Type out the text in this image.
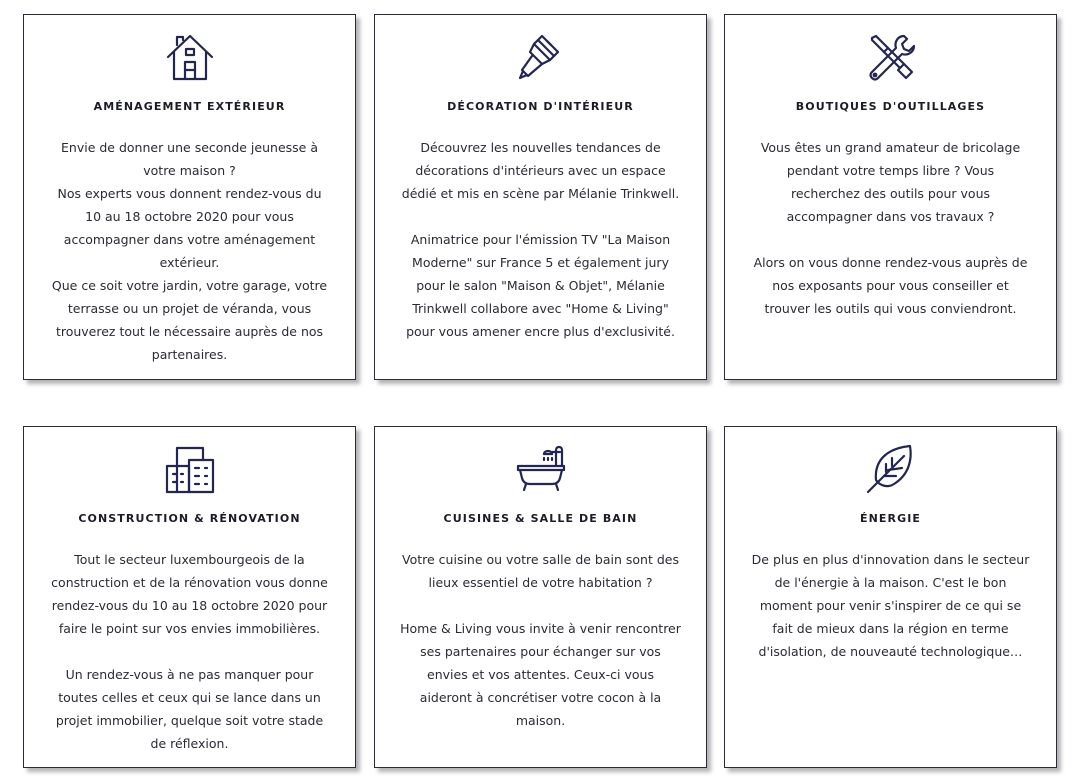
AMÉNAGEMENT EXTÉRIEUR

Envie de donner une seconde jeunesse à

votre maison ?

Nos experts vous donnent rendez-vous du

10 au 18 octobre 2020 pour vous

accompagner dans votre aménagement

extérieur.

Que ce soit votre jardin, votre garage, votre

terrasse ou un projet de véranda, vous

trouverez tout le nécessaire auprès de nos

partenaires.

DÉCORATION D'INTÉRIEUR

Découvrez les nouvelles tendances de

décorations d'intérieurs avec un espace

dédié et mis en scène par Mélanie Trinkwell.

Animatrice pour l'émission TV "La Maison

Moderne" sur France 5 et également jury

pour le salon "Maison & Objet", Mélanie

Trinkwell collabore avec "Home & Living"

pour vous amener encre plus d'exclusivité.

BOUTIQUES D'OUTILLAGES

Vous êtes un grand amateur de bricolage

pendant votre temps libre ? Vous

recherchez des outils pour vous

accompagner dans vos travaux ?

Alors on vous donne rendez-vous auprès de

nos exposants pour vous conseiller et

trouver les outils qui vous conviendront.

CONSTRUCTION & RÉNOVATION

Tout le secteur luxembourgeois de la

construction et de la rénovation vous donne

rendez-vous du 10 au 18 octobre 2020 pour

faire le point sur vos envies immobilières.

Un rendez-vous à ne pas manquer pour

toutes celles et ceux qui se lance dans un

projet immobilier, quelque soit votre stade

de réflexion.

CUISINES & SALLE DE BAIN

Votre cuisine ou votre salle de bain sont des

lieux essentiel de votre habitation ?

Home & Living vous invite à venir rencontrer

ses partenaires pour échanger sur vos

envies et vos attentes. Ceux-ci vous

aideront à concrétiser votre cocon à la

maison.

ÉNERGIE

De plus en plus d'innovation dans le secteur

de l'énergie à la maison. C'est le bon

moment pour venir s'inspirer de ce qui se

fait de mieux dans la région en terme

d'isolation, de nouveauté technologique…
